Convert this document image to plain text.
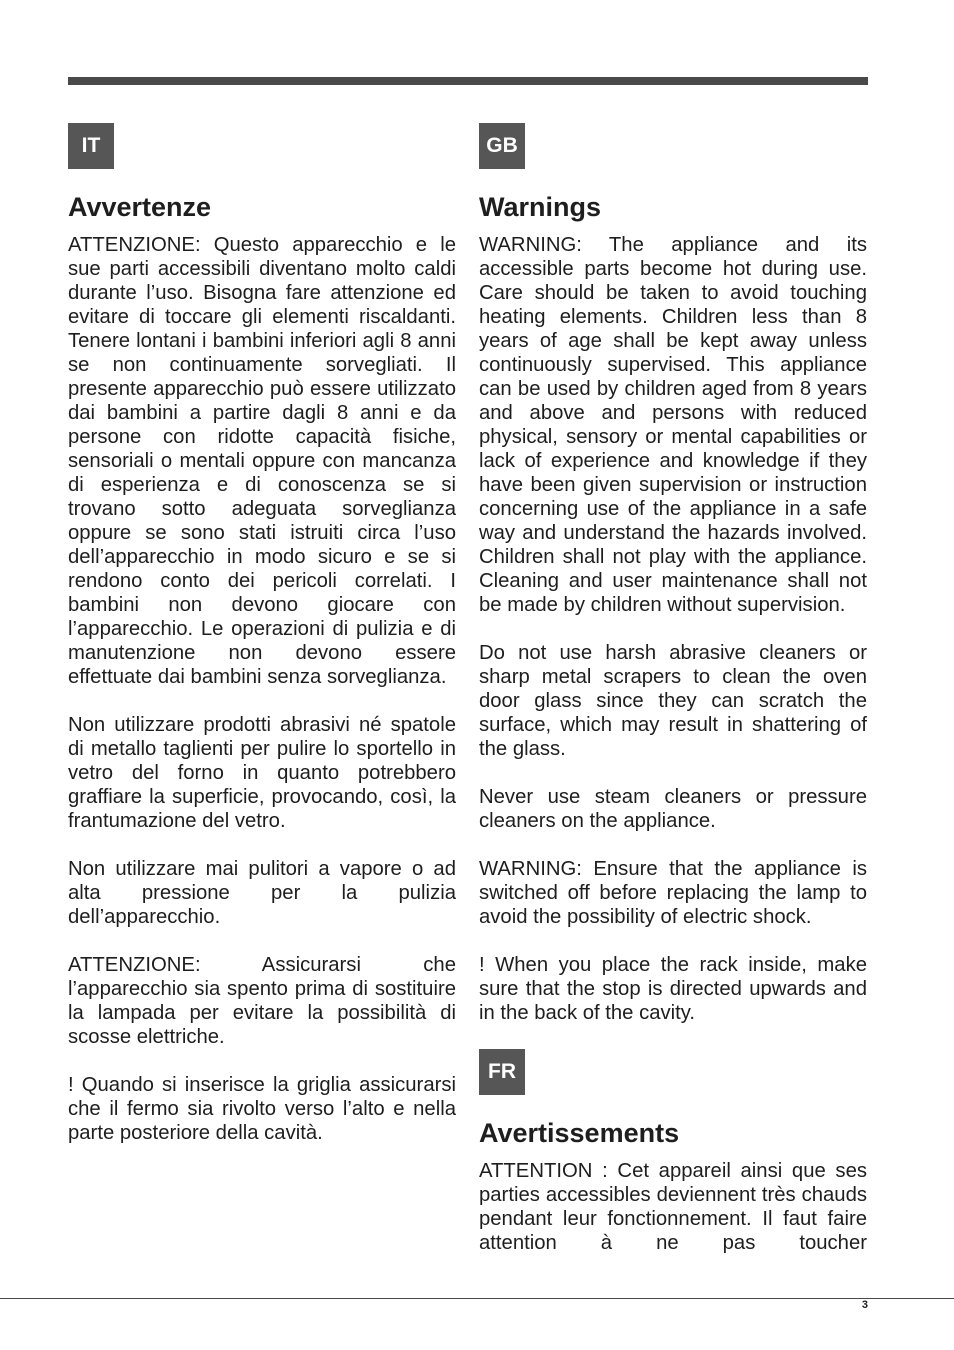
IT
Avvertenze

ATTENZIONE: Questo apparecchio e le sue parti accessibili diventano molto caldi durante l’uso. Bisogna fare attenzione ed evitare di toccare gli elementi riscaldanti. Tenere lontani i bambini inferiori agli 8 anni se non continuamente sorvegliati. Il presente apparecchio può essere utilizzato dai bambini a partire dagli 8 anni e da persone con ridotte capacità fisiche, sensoriali o mentali oppure con mancanza di esperienza e di conoscenza se si trovano sotto adeguata sorveglianza oppure se sono stati istruiti circa l’uso dell’apparecchio in modo sicuro e se si rendono conto dei pericoli correlati. I bambini non devono giocare con l’apparecchio. Le operazioni di pulizia e di manutenzione non devono essere effettuate dai bambini senza sorveglianza.

Non utilizzare prodotti abrasivi né spatole di metallo taglienti per pulire lo sportello in vetro del forno in quanto potrebbero graffiare la superficie, provocando, così, la frantumazione del vetro.

Non utilizzare mai pulitori a vapore o ad alta pressione per la pulizia dell’apparecchio.

ATTENZIONE: Assicurarsi che l’apparecchio sia spento prima di sostituire la lampada per evitare la possibilità di scosse elettriche.

! Quando si inserisce la griglia assicurarsi che il fermo sia rivolto verso l’alto e nella parte posteriore della cavità.

GB
Warnings

WARNING: The appliance and its accessible parts become hot during use. Care should be taken to avoid touching heating elements. Children less than 8 years of age shall be kept away unless continuously supervised. This appliance can be used by children aged from 8 years and above and persons with reduced physical, sensory or mental capabilities or lack of experience and knowledge if they have been given supervision or instruction concerning use of the appliance in a safe way and understand the hazards involved. Children shall not play with the appliance. Cleaning and user maintenance shall not be made by children without supervision.

Do not use harsh abrasive cleaners or sharp metal scrapers to clean the oven door glass since they can scratch the surface, which may result in shattering of the glass.

Never use steam cleaners or pressure cleaners on the appliance.

WARNING: Ensure that the appliance is switched off before replacing the lamp to avoid the possibility of electric shock.

! When you place the rack inside, make sure that the stop is directed upwards and in the back of the cavity.

FR
Avertissements

ATTENTION : Cet appareil ainsi que ses parties accessibles deviennent très chauds pendant leur fonctionnement. Il faut faire attention à ne pas toucher

3
